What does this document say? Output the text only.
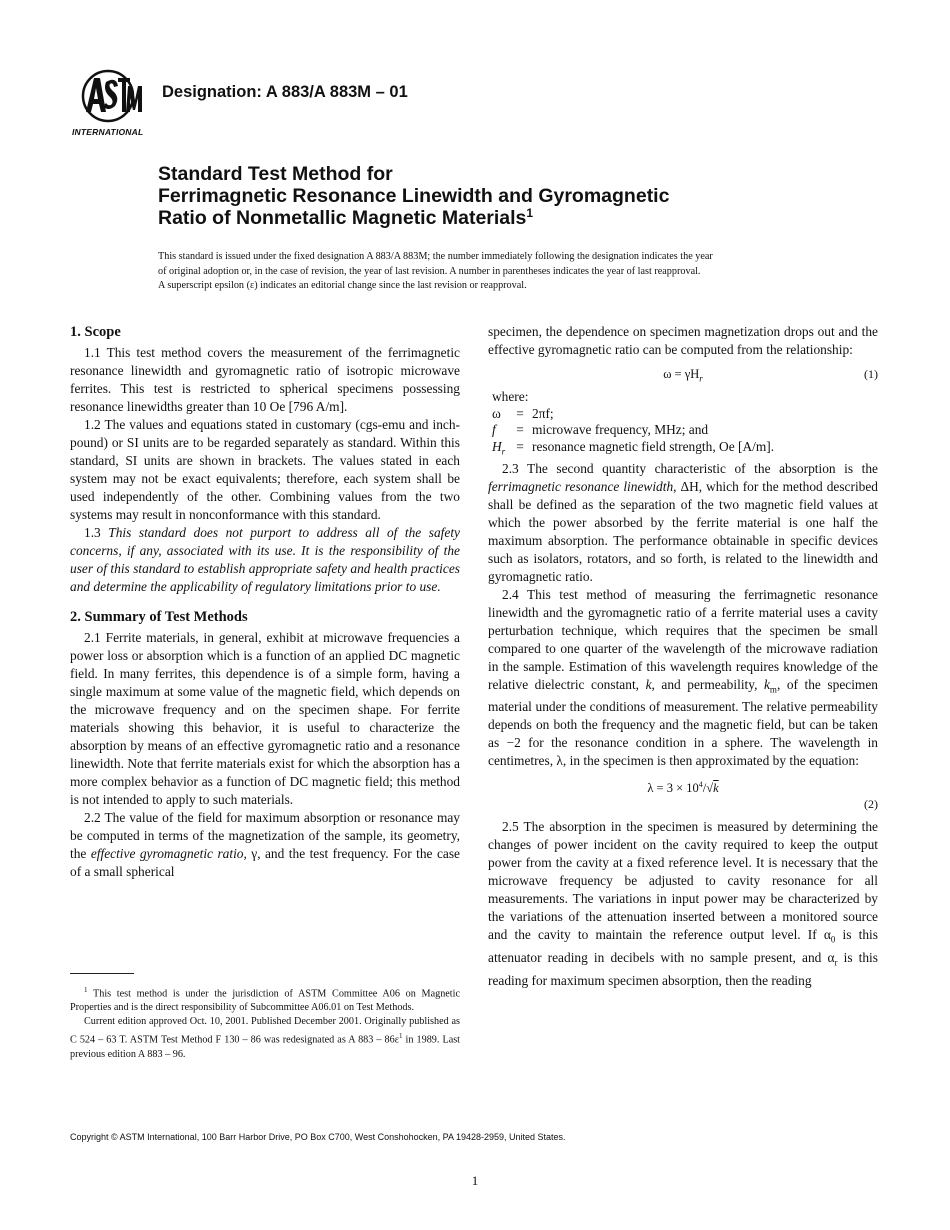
INTERNATIONAL
Designation: A 883/A 883M – 01
Standard Test Method for
Ferrimagnetic Resonance Linewidth and Gyromagnetic
Ratio of Nonmetallic Magnetic Materials$^1$

This standard is issued under the fixed designation A 883/A 883M; the number immediately following the designation indicates the year

of original adoption or, in the case of revision, the year of last revision. A number in parentheses indicates the year of last reapproval.

A superscript epsilon (ε) indicates an editorial change since the last revision or reapproval.

1. Scope

1.1 This test method covers the measurement of the ferrimagnetic resonance linewidth and gyromagnetic ratio of isotropic microwave ferrites. This test is restricted to spherical specimens possessing resonance linewidths greater than 10 Oe [796 A/m].

1.2 The values and equations stated in customary (cgs-emu and inch-pound) or SI units are to be regarded separately as standard. Within this standard, SI units are shown in brackets. The values stated in each system may not be exact equivalents; therefore, each system shall be used independently of the other. Combining values from the two systems may result in nonconformance with this standard.

1.3 This standard does not purport to address all of the safety concerns, if any, associated with its use. It is the responsibility of the user of this standard to establish appropriate safety and health practices and determine the applicability of regulatory limitations prior to use.

2. Summary of Test Methods

2.1 Ferrite materials, in general, exhibit at microwave frequencies a power loss or absorption which is a function of an applied DC magnetic field. In many ferrites, this dependence is of a simple form, having a single maximum at some value of the magnetic field, which depends on the microwave frequency and on the specimen shape. For ferrite materials showing this behavior, it is useful to characterize the absorption by means of an effective gyromagnetic ratio and a resonance linewidth. Note that ferrite materials exist for which the absorption has a more complex behavior as a function of DC magnetic field; this method is not intended to apply to such materials.

2.2 The value of the field for maximum absorption or resonance may be computed in terms of the magnetization of the sample, its geometry, the effective gyromagnetic ratio, γ, and the test frequency. For the case of a small spherical

specimen, the dependence on specimen magnetization drops out and the effective gyromagnetic ratio can be computed from the relationship:

$\omega = \gamma H_r$	(1)
where:
ω	= 2πf;
f	= microwave frequency, MHz; and
$H_r$ = resonance magnetic field strength, Oe [A/m].

2.3 The second quantity characteristic of the absorption is the ferrimagnetic resonance linewidth, ΔH, which for the method described shall be defined as the separation of the two magnetic field values at which the power absorbed by the ferrite material is one half the maximum absorption. The performance obtainable in specific devices such as isolators, rotators, and so forth, is related to the linewidth and gyromagnetic ratio.

2.4 This test method of measuring the ferrimagnetic resonance linewidth and the gyromagnetic ratio of a ferrite material uses a cavity perturbation technique, which requires that the specimen be small compared to one quarter of the wavelength of the microwave radiation in the sample. Estimation of this wavelength requires knowledge of the relative dielectric constant, k, and permeability, $k_m$, of the specimen material under the conditions of measurement. The relative permeability depends on both the frequency and the magnetic field, but can be taken as −2 for the resonance condition in a sphere. The wavelength in centimetres, λ, in the specimen is then approximated by the equation:

$\lambda = 3 \times 10^4/√k$
(2)

2.5 The absorption in the specimen is measured by determining the changes of power incident on the cavity required to keep the output power from the cavity at a fixed reference level. It is necessary that the microwave frequency be adjusted to cavity resonance for all measurements. The variations in input power may be characterized by the variations of the attenuation inserted between a monitored source and the cavity to maintain the reference output level. If $\alpha_0$ is this attenuator reading in decibels with no sample present, and $\alpha_r$ is this reading for maximum specimen absorption, then the reading

$^1$ This test method is under the jurisdiction of ASTM Committee A06 on Magnetic Properties and is the direct responsibility of Subcommittee A06.01 on Test Methods.

Current edition approved Oct. 10, 2001. Published December 2001. Originally published as C 524 – 63 T. ASTM Test Method F 130 – 86 was redesignated as A $883 - 86\varepsilon^1$ in 1989. Last previous edition A 883 – 96.

Copyright © ASTM International, 100 Barr Harbor Drive, PO Box C700, West Conshohocken, PA 19428-2959, United States.
1
